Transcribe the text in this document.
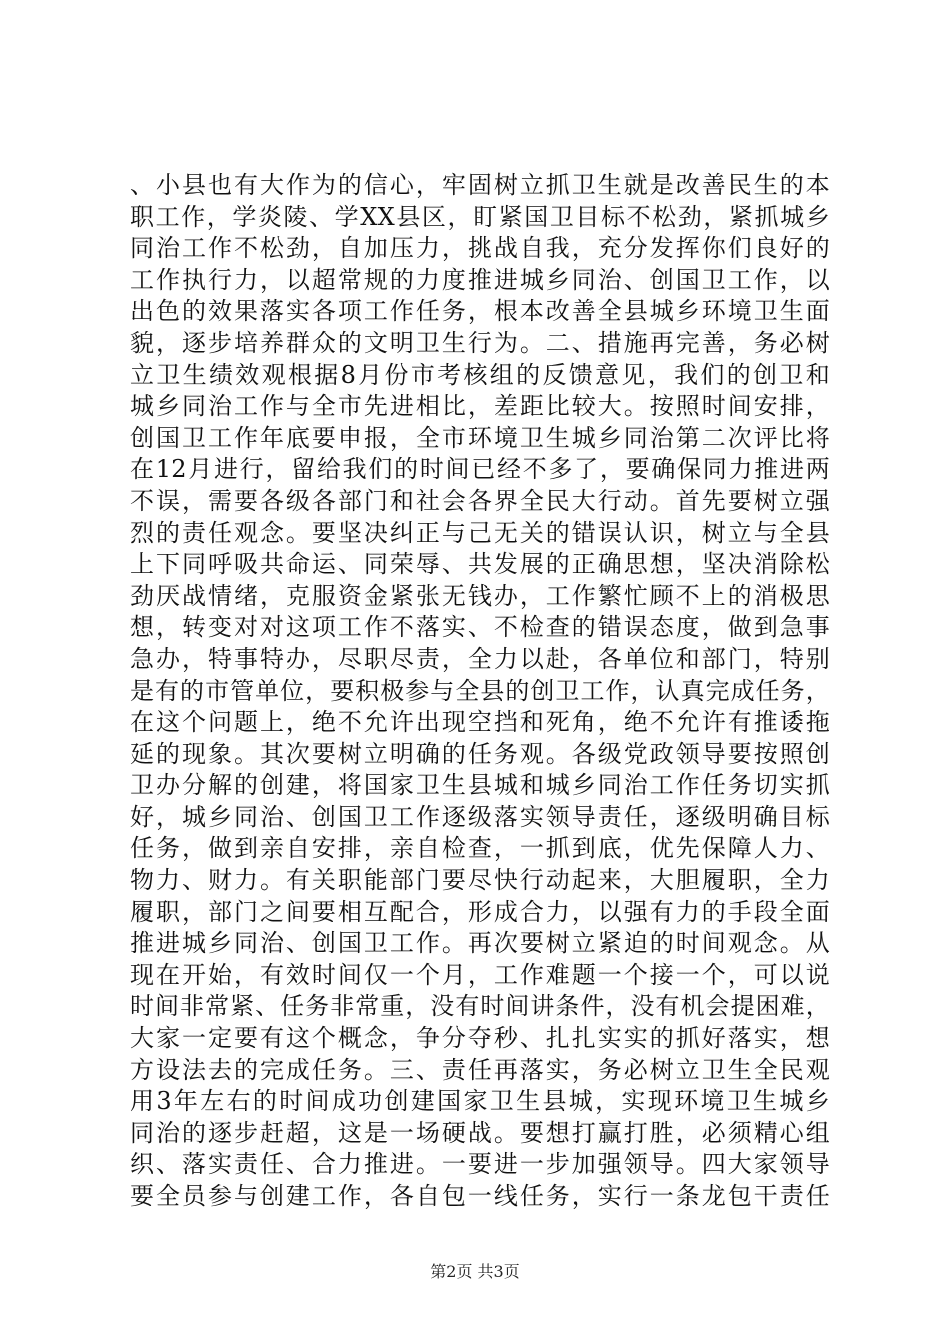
、小县也有大作为的信心，牢固树立抓卫生就是改善民生的本
职工作，学炎陵、学XX县区，盯紧国卫目标不松劲，紧抓城乡
同治工作不松劲，自加压力，挑战自我，充分发挥你们良好的
工作执行力，以超常规的力度推进城乡同治、创国卫工作，以
出色的效果落实各项工作任务，根本改善全县城乡环境卫生面
貌，逐步培养群众的文明卫生行为。二、措施再完善，务必树
立卫生绩效观根据8月份市考核组的反馈意见，我们的创卫和
城乡同治工作与全市先进相比，差距比较大。按照时间安排，
创国卫工作年底要申报，全市环境卫生城乡同治第二次评比将
在12月进行，留给我们的时间已经不多了，要确保同力推进两
不误，需要各级各部门和社会各界全民大行动。首先要树立强
烈的责任观念。要坚决纠正与己无关的错误认识，树立与全县
上下同呼吸共命运、同荣辱、共发展的正确思想，坚决消除松
劲厌战情绪，克服资金紧张无钱办，工作繁忙顾不上的消极思
想，转变对对这项工作不落实、不检查的错误态度，做到急事
急办，特事特办，尽职尽责，全力以赴，各单位和部门，特别
是有的市管单位，要积极参与全县的创卫工作，认真完成任务，
在这个问题上，绝不允许出现空挡和死角，绝不允许有推诿拖
延的现象。其次要树立明确的任务观。各级党政领导要按照创
卫办分解的创建，将国家卫生县城和城乡同治工作任务切实抓
好，城乡同治、创国卫工作逐级落实领导责任，逐级明确目标
任务，做到亲自安排，亲自检查，一抓到底，优先保障人力、
物力、财力。有关职能部门要尽快行动起来，大胆履职，全力
履职，部门之间要相互配合，形成合力，以强有力的手段全面
推进城乡同治、创国卫工作。再次要树立紧迫的时间观念。从
现在开始，有效时间仅一个月，工作难题一个接一个，可以说
时间非常紧、任务非常重，没有时间讲条件，没有机会提困难，
大家一定要有这个概念，争分夺秒、扎扎实实的抓好落实，想
方设法去的完成任务。三、责任再落实，务必树立卫生全民观
用3年左右的时间成功创建国家卫生县城，实现环境卫生城乡
同治的逐步赶超，这是一场硬战。要想打赢打胜，必须精心组
织、落实责任、合力推进。一要进一步加强领导。四大家领导
要全员参与创建工作，各自包一线任务，实行一条龙包干责任
第2页 共3页
